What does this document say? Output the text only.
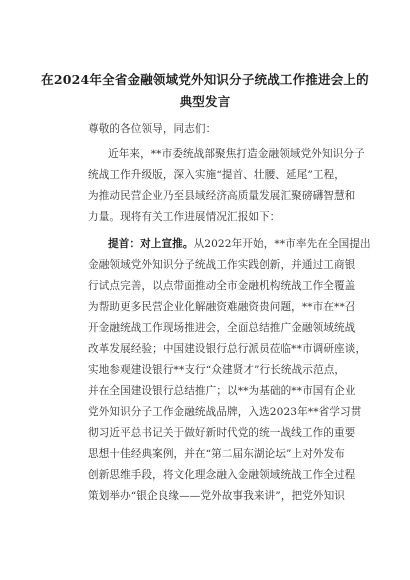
在2024年全省金融领域党外知识分子统战工作推进会上的
典型发言
尊敬的各位领导，同志们：
近年来，**市委统战部聚焦打造金融领域党外知识分子
统战工作升级版，深入实施“提首、壮腰、延尾”工程，
为推动民营企业乃至县域经济高质量发展汇聚磅礴智慧和
力量。现将有关工作进展情况汇报如下：
提首：对上宣推。从2022年开始，**市率先在全国提出
金融领域党外知识分子统战工作实践创新，并通过工商银
行试点完善，以点带面推动全市金融机构统战工作全覆盖
为帮助更多民营企业化解融资难融资贵问题，**市在**召
开金融统战工作现场推进会，全面总结推广金融领域统战
改革发展经验；中国建设银行总行派员莅临**市调研座谈，
实地参观建设银行**支行“众建贤才”行长统战示范点，
并在全国建设银行总结推广；以**为基础的**市国有企业
党外知识分子工作金融统战品牌，入选2023年**省学习贯
彻习近平总书记关于做好新时代党的统一战线工作的重要
思想十佳经典案例，并在“第二届东湖论坛”上对外发布
创新思维手段，将文化理念融入金融领域统战工作全过程
策划举办“银企良缘——党外故事我来讲”，把党外知识
